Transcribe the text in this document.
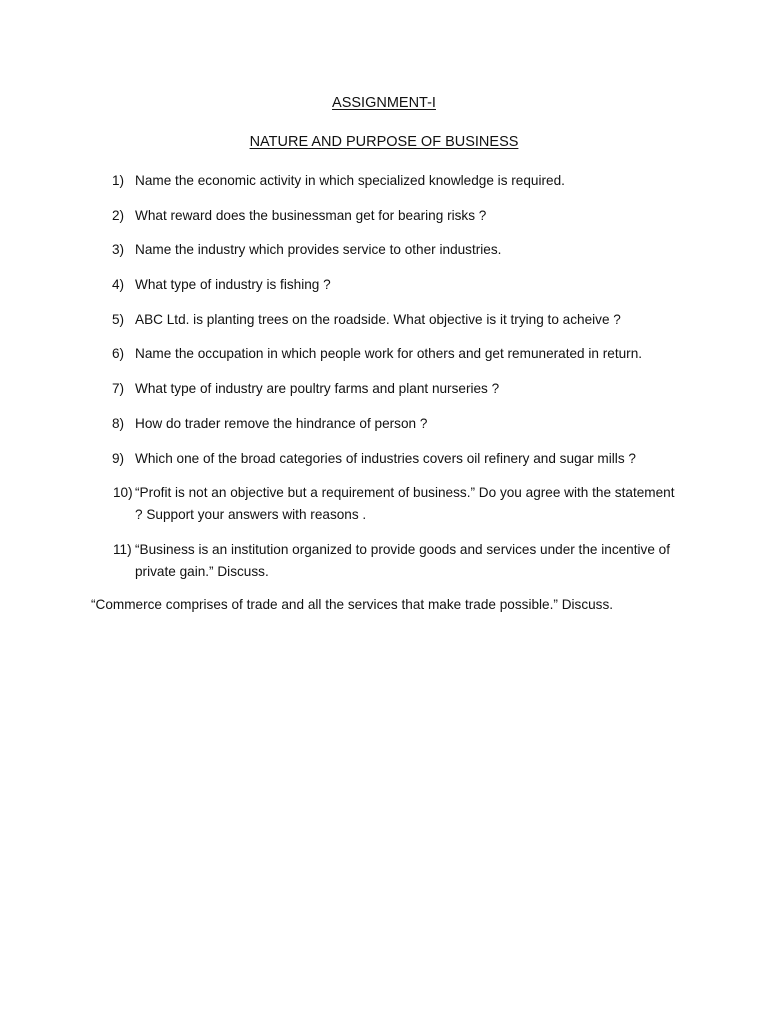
ASSIGNMENT-I
NATURE AND PURPOSE OF BUSINESS
1) Name the economic activity in which specialized knowledge is required.
2) What reward does the businessman get for bearing risks ?
3) Name the industry which provides service to other industries.
4) What type of industry is fishing ?
5) ABC Ltd. is planting trees on the roadside. What objective is it trying to acheive ?
6) Name the occupation in which people work for others and get remunerated in return.
7) What type of industry are poultry farms and plant nurseries ?
8) How do trader remove the hindrance of person ?
9) Which one of the broad categories of industries covers oil refinery and sugar mills ?
10) “Profit is not an objective but a requirement of business.” Do you agree with the statement ? Support your answers with reasons .
11) “Business is an institution organized to provide goods and services under the incentive of private gain.” Discuss.
“Commerce comprises of trade and all the services that make trade possible.” Discuss.
